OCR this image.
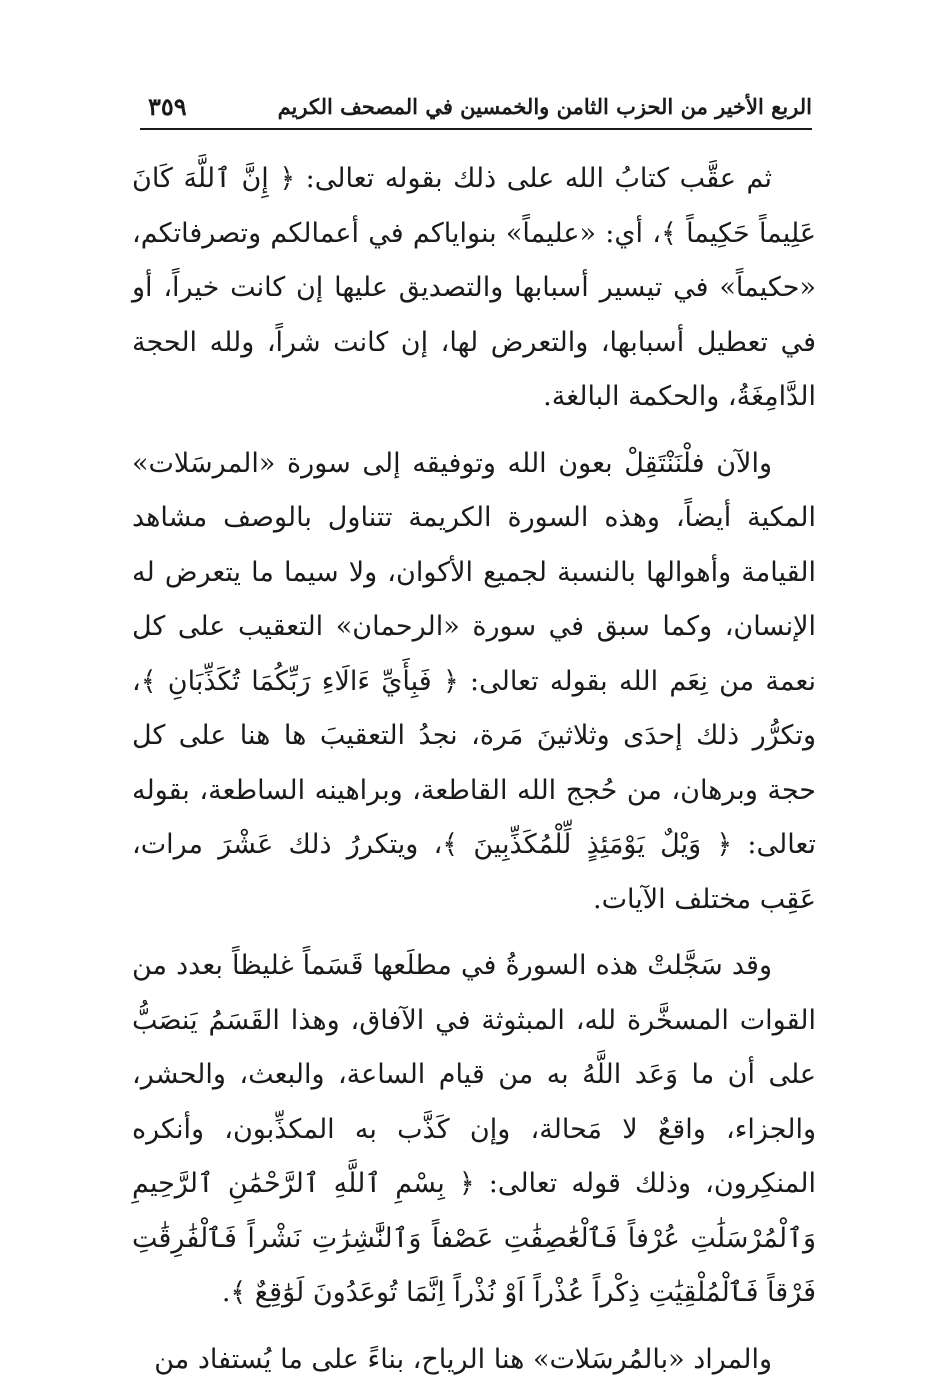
الربع الأخير من الحزب الثامن والخمسين في المصحف الكريم
٣٥٩

ثم عقَّب كتابُ الله على ذلك بقوله تعالى: ﴿ إِنَّ ٱللَّهَ كَانَ عَلِيماً حَكِيماً ﴾، أي: «عليماً» بنواياكم في أعمالكم وتصرفاتكم، «حكيماً» في تيسير أسبابها والتصديق عليها إن كانت خيراً، أو في تعطيل أسبابها، والتعرض لها، إن كانت شراً، ولله الحجة الدَّامِغَةُ، والحكمة البالغة.

والآن فلْنَنْتَقِلْ بعون الله وتوفيقه إلى سورة «المرسَلات» المكية أيضاً، وهذه السورة الكريمة تتناول بالوصف مشاهد القيامة وأهوالها بالنسبة لجميع الأكوان، ولا سيما ما يتعرض له الإنسان، وكما سبق في سورة «الرحمان» التعقيب على كل نعمة من نِعَم الله بقوله تعالى: ﴿ فَبِأَيِّ ءَالَاءِ رَبِّكُمَا تُكَذِّبَانِ ﴾، وتكرُّر ذلك إحدَى وثلاثينَ مَرة، نجدُ التعقيبَ ها هنا على كل حجة وبرهان، من حُجج الله القاطعة، وبراهينه الساطعة، بقوله تعالى: ﴿ وَيْلٌ يَوْمَئِذٍ لِّلْمُكَذِّبِينَ ﴾، ويتكررُ ذلك عَشْرَ مرات، عَقِب مختلف الآيات.

وقد سَجَّلتْ هذه السورةُ في مطلَعها قَسَماً غليظاً بعدد من القوات المسخَّرة لله، المبثوثة في الآفاق، وهذا القَسَمُ يَنصَبُّ على أن ما وَعَد اللَّهُ به من قيام الساعة، والبعث، والحشر، والجزاء، واقعٌ لا مَحالة، وإن كَذَّب به المكذِّبون، وأنكره المنكِرون، وذلك قوله تعالى: ﴿ بِسْمِ ٱللَّهِ ٱلرَّحْمَٰنِ ٱلرَّحِيمِ وَٱلْمُرْسَلَٰتِ عُرْفاً فَٱلْعَٰصِفَٰتِ عَصْفاً وَٱلنَّٰشِرَٰتِ نَشْراً فَٱلْفَٰرِقَٰتِ فَرْقاً فَٱلْمُلْقِيَٰتِ ذِكْراً عُذْراً اَوْ نُذْراً اِنَّمَا تُوعَدُونَ لَوَٰقِعٌ ﴾.

والمراد «بالمُرسَلات» هنا الرياح، بناءً على ما يُستفاد من
